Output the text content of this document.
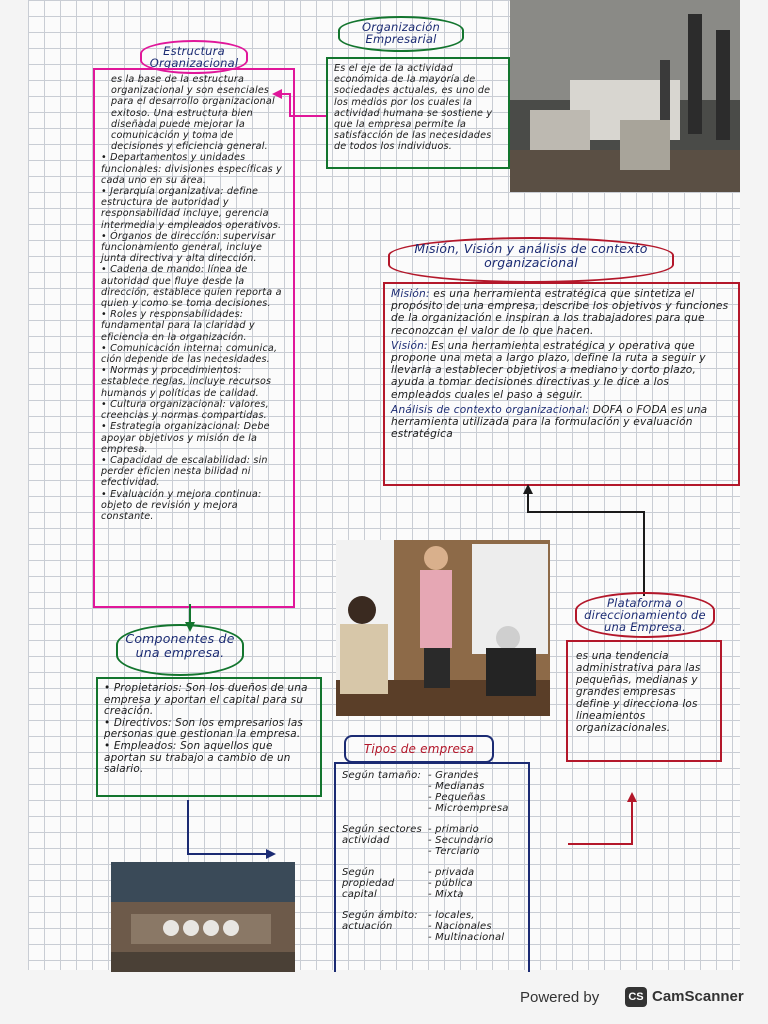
Estructura Organizacional

es la base de la estructura organizacional y son esenciales para el desarrollo organizacional exitoso. Una estructura bien diseñada puede mejorar la comunicación y toma de decisiones y eficiencia general.

• Departamentos y unidades funcionales: divisiones específicas y cada uno en su área.

• Jerarquía organizativa: define estructura de autoridad y responsabilidad incluye, gerencia intermedia y empleados operativos.

• Órganos de dirección: supervisar funcionamiento general, incluye junta directiva y alta dirección.

• Cadena de mando: línea de autoridad que fluye desde la dirección, establece quien reporta a quien y como se toma decisiones.

• Roles y responsabilidades: fundamental para la claridad y eficiencia en la organización.

• Comunicación interna: comunica, ción depende de las necesidades.

• Normas y procedimientos: establece reglas, incluye recursos humanos y políticas de calidad.

• Cultura organizacional: valores, creencias y normas compartidas.

• Estrategia organizacional: Debe apoyar objetivos y misión de la empresa.

• Capacidad de escalabilidad: sin perder eficien nesta bilidad ni efectividad.

• Evaluación y mejora continua: objeto de revisión y mejora constante.

Organización Empresarial

Es el eje de la actividad económica de la mayoría de sociedades actuales, es uno de los medios por los cuales la actividad humana se sostiene y que la empresa permite la satisfacción de las necesidades de todos los individuos.

Misión, Visión y análisis de contexto organizacional

Misión: es una herramienta estratégica que sintetiza el propósito de una empresa, describe los objetivos y funciones de la organización e inspiran a los trabajadores para que reconozcan el valor de lo que hacen.

Visión: Es una herramienta estratégica y operativa que propone una meta a largo plazo, define la ruta a seguir y llevarla a establecer objetivos a mediano y corto plazo, ayuda a tomar decisiones directivas y le dice a los empleados cuales el paso a seguir.

Análisis de contexto organizacional: DOFA o FODA es una herramienta utilizada para la formulación y evaluación estratégica

Plataforma o direccionamiento de una Empresa.

es una tendencia administrativa para las pequeñas, medianas y grandes empresas define y direcciona los lineamientos organizacionales.

Componentes de una empresa.

• Propietarios: Son los dueños de una empresa y aportan el capital para su creación.

• Directivos: Son los empresarios las personas que gestionan la empresa.

• Empleados: Son aquellos que aportan su trabajo a cambio de un salario.

Tipos de empresa
Según tamaño: - Grandes
- Medianas
- Pequeñas
- Microempresa
Según sectores actividad
- primario
- Secundario
- Terciario
Según propiedad capital
- privada
- pública
- Mixta
Según ámbito: actuación
- locales,
- Nacionales
- Multinacional
Powered by	CS CamScanner
